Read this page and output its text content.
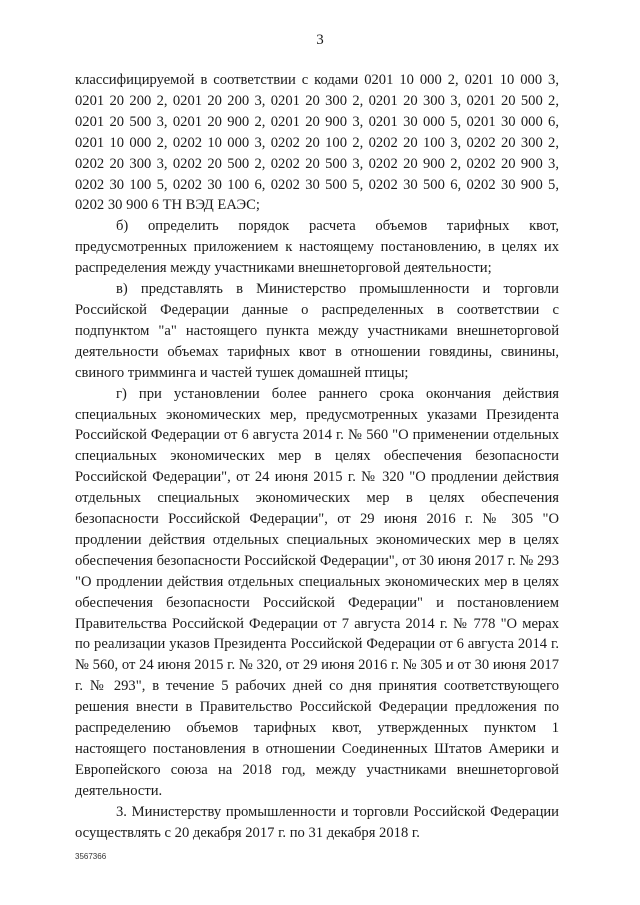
3

классифицируемой в соответствии с кодами 0201 10 000 2, 0201 10 000 3, 0201 20 200 2, 0201 20 200 3, 0201 20 300 2, 0201 20 300 3, 0201 20 500 2, 0201 20 500 3, 0201 20 900 2, 0201 20 900 3, 0201 30 000 5, 0201 30 000 6, 0201 10 000 2, 0202 10 000 3, 0202 20 100 2, 0202 20 100 3, 0202 20 300 2, 0202 20 300 3, 0202 20 500 2, 0202 20 500 3, 0202 20 900 2, 0202 20 900 3, 0202 30 100 5, 0202 30 100 6, 0202 30 500 5, 0202 30 500 6, 0202 30 900 5, 0202 30 900 6 ТН ВЭД ЕАЭС;

б) определить порядок расчета объемов тарифных квот, предусмотренных приложением к настоящему постановлению, в целях их распределения между участниками внешнеторговой деятельности;

в) представлять в Министерство промышленности и торговли Российской Федерации данные о распределенных в соответствии с подпунктом "а" настоящего пункта между участниками внешнеторговой деятельности объемах тарифных квот в отношении говядины, свинины, свиного тримминга и частей тушек домашней птицы;

г) при установлении более раннего срока окончания действия специальных экономических мер, предусмотренных указами Президента Российской Федерации от 6 августа 2014 г. № 560 "О применении отдельных специальных экономических мер в целях обеспечения безопасности Российской Федерации", от 24 июня 2015 г. № 320 "О продлении действия отдельных специальных экономических мер в целях обеспечения безопасности Российской Федерации", от 29 июня 2016 г. № 305 "О продлении действия отдельных специальных экономических мер в целях обеспечения безопасности Российской Федерации", от 30 июня 2017 г. № 293 "О продлении действия отдельных специальных экономических мер в целях обеспечения безопасности Российской Федерации" и постановлением Правительства Российской Федерации от 7 августа 2014 г. № 778 "О мерах по реализации указов Президента Российской Федерации от 6 августа 2014 г. № 560, от 24 июня 2015 г. № 320, от 29 июня 2016 г. № 305 и от 30 июня 2017 г. № 293", в течение 5 рабочих дней со дня принятия соответствующего решения внести в Правительство Российской Федерации предложения по распределению объемов тарифных квот, утвержденных пунктом 1 настоящего постановления в отношении Соединенных Штатов Америки и Европейского союза на 2018 год, между участниками внешнеторговой деятельности.

3. Министерству промышленности и торговли Российской Федерации осуществлять с 20 декабря 2017 г. по 31 декабря 2018 г.

3567366
